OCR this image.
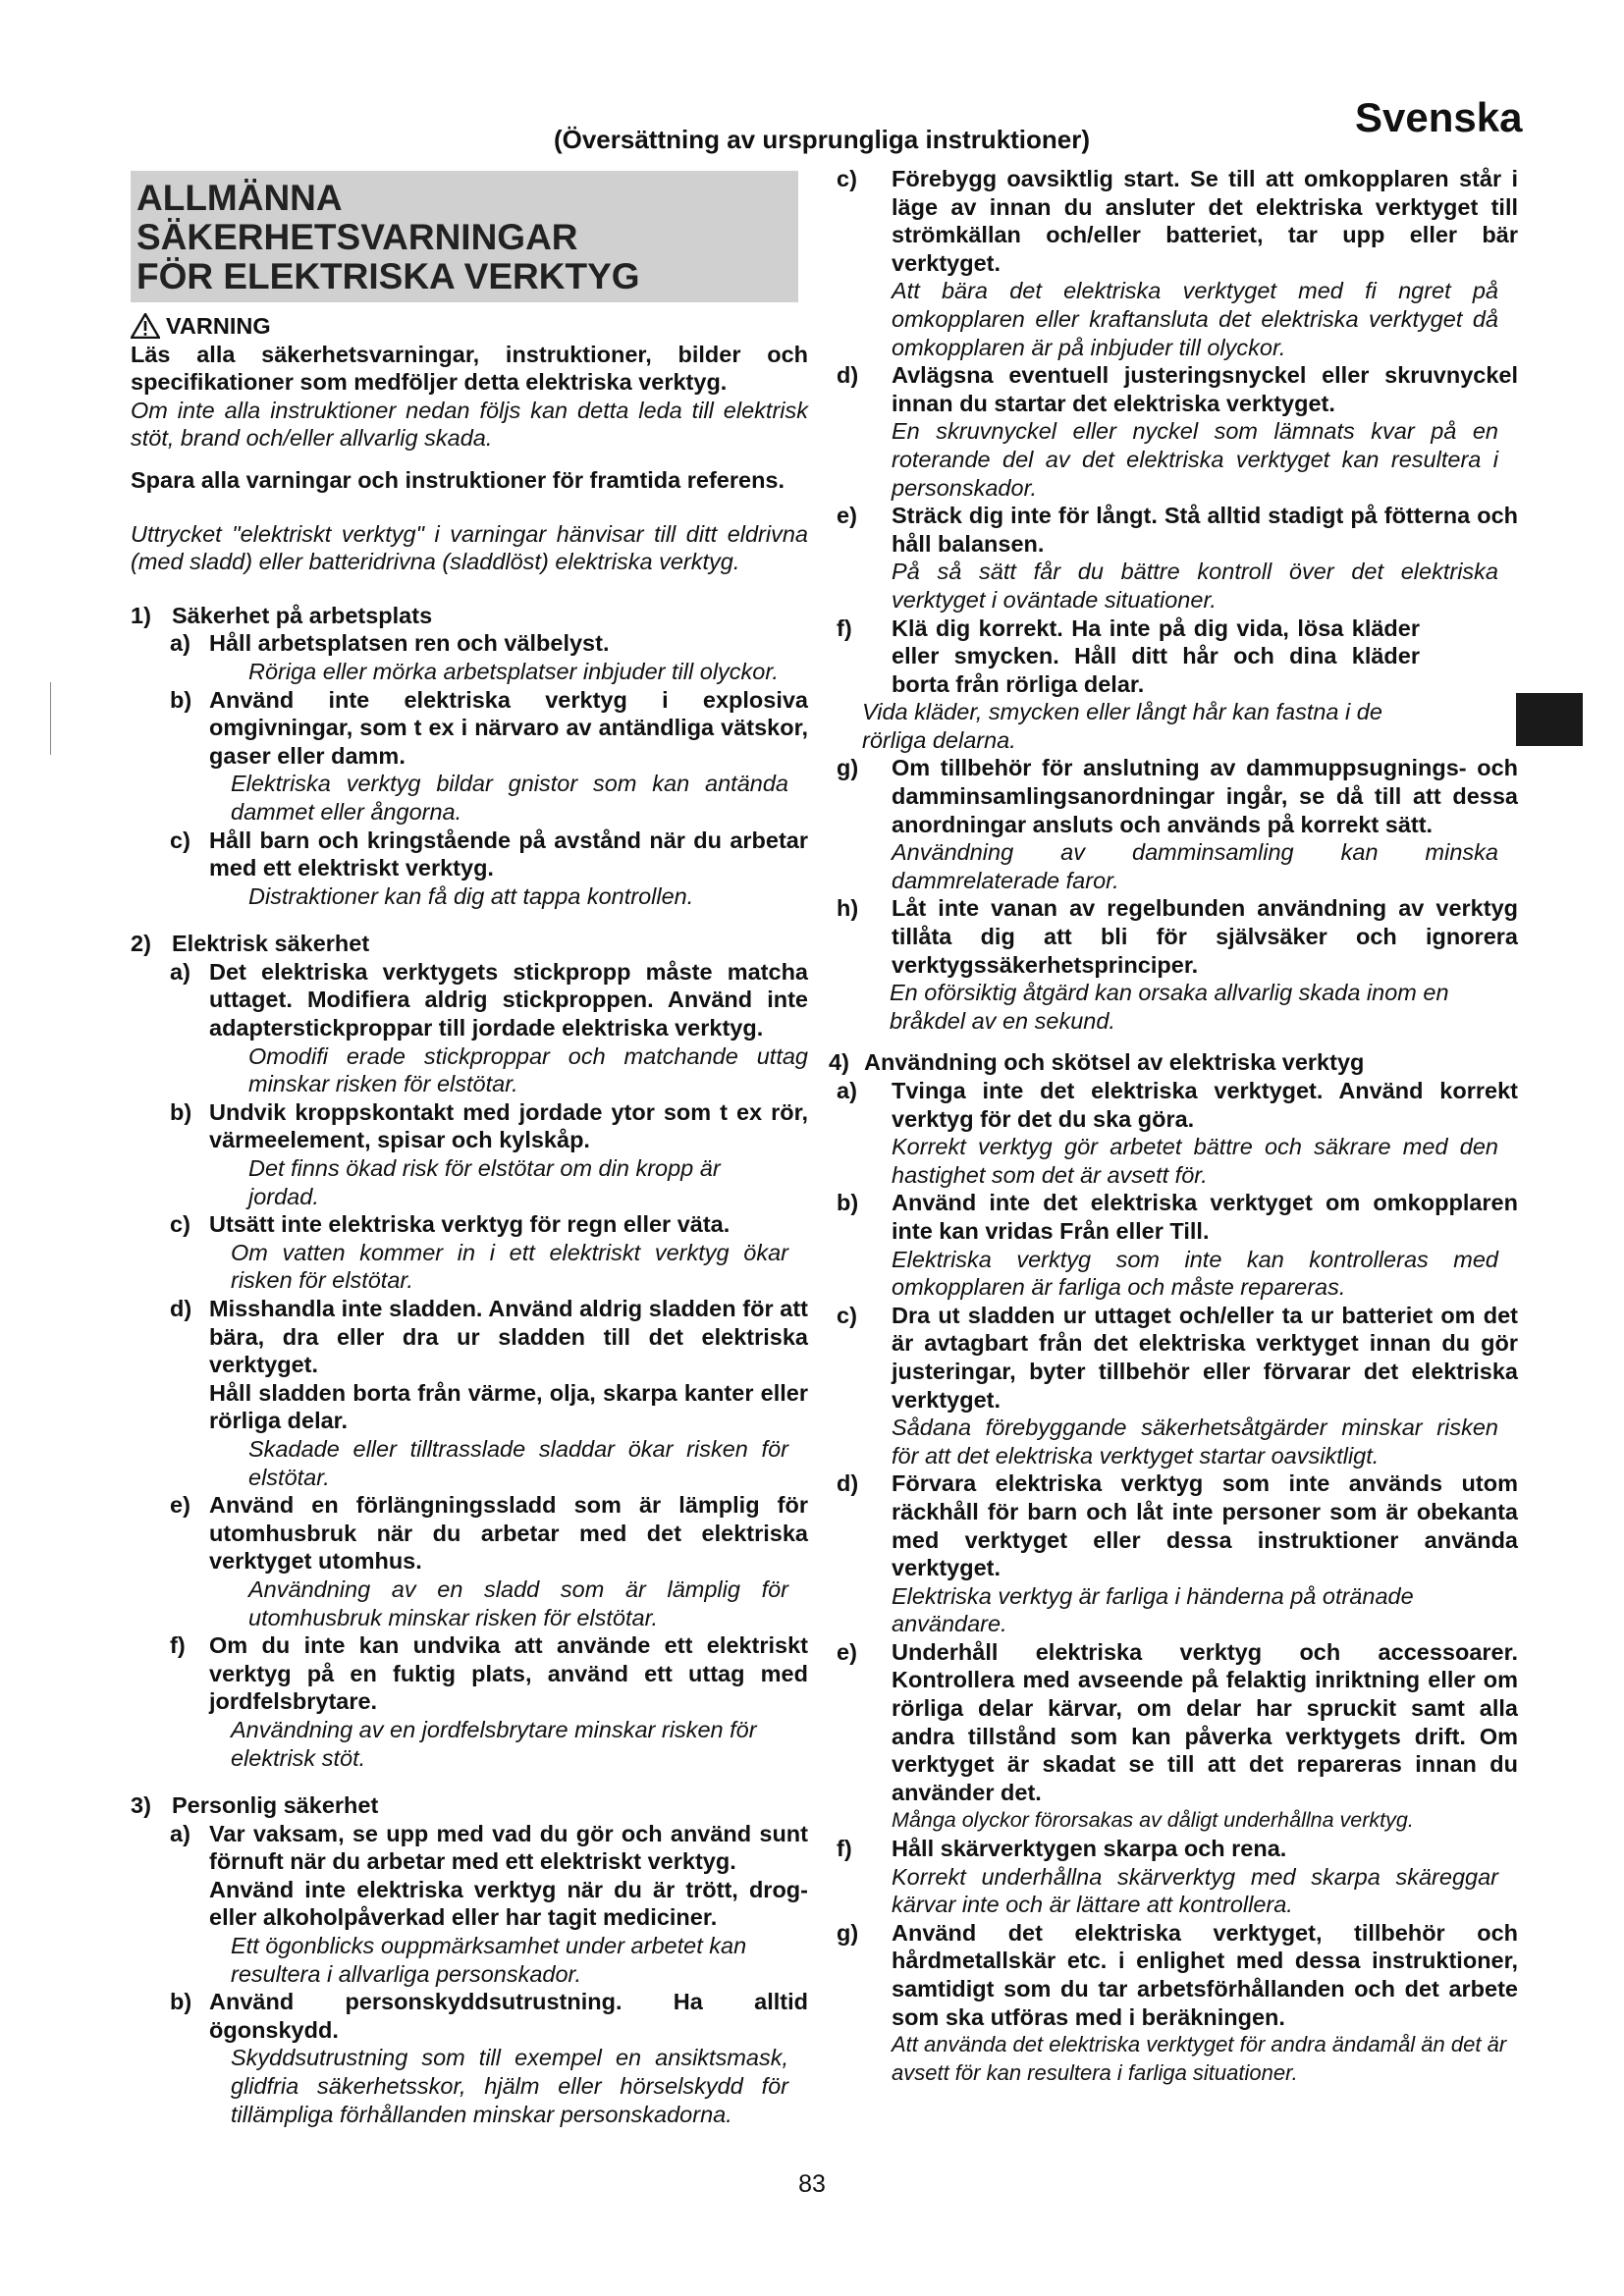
Svenska
(Översättning av ursprungliga instruktioner)
ALLMÄNNA SÄKERHETSVARNINGAR
FÖR ELEKTRISKA VERKTYG
VARNING

Läs alla säkerhetsvarningar, instruktioner, bilder och specifikationer som medföljer detta elektriska verktyg.

Om inte alla instruktioner nedan följs kan detta leda till elektrisk stöt, brand och/eller allvarlig skada.

Spara alla varningar och instruktioner för framtida referens.

Uttrycket "elektriskt verktyg" i varningar hänvisar till ditt eldrivna (med sladd) eller batteridrivna (sladdlöst) elektriska verktyg.

1) Säkerhet på arbetsplats
a) Håll arbetsplatsen ren och välbelyst.

Röriga eller mörka arbetsplatser inbjuder till olyckor.

b) Använd inte elektriska verktyg i explosiva omgivningar, som t ex i närvaro av antändliga vätskor, gaser eller damm.

Elektriska verktyg bildar gnistor som kan antända dammet eller ångorna.

c) Håll barn och kringstående på avstånd när du arbetar med ett elektriskt verktyg.

Distraktioner kan få dig att tappa kontrollen.

2) Elektrisk säkerhet
a) Det elektriska verktygets stickpropp måste matcha uttaget. Modifiera aldrig stickproppen. Använd inte adapterstickproppar till jordade elektriska verktyg.

Omodifi erade stickproppar och matchande uttag minskar risken för elstötar.

b) Undvik kroppskontakt med jordade ytor som t ex rör, värmeelement, spisar och kylskåp.

Det finns ökad risk för elstötar om din kropp är jordad.

c) Utsätt inte elektriska verktyg för regn eller väta.

Om vatten kommer in i ett elektriskt verktyg ökar risken för elstötar.

d) Misshandla inte sladden. Använd aldrig sladden för att bära, dra eller dra ur sladden till det elektriska verktyget.

Håll sladden borta från värme, olja, skarpa kanter eller rörliga delar.

Skadade eller tilltrasslade sladdar ökar risken för elstötar.

e) Använd en förlängningssladd som är lämplig för utomhusbruk när du arbetar med det elektriska verktyget utomhus.

Användning av en sladd som är lämplig för utomhusbruk minskar risken för elstötar.

f)	Om du inte kan undvika att använde ett elektriskt verktyg på en fuktig plats, använd ett uttag med jordfelsbrytare.

Användning av en jordfelsbrytare minskar risken för elektrisk stöt.

3) Personlig säkerhet
a) Var vaksam, se upp med vad du gör och använd sunt förnuft när du arbetar med ett elektriskt verktyg.

Använd inte elektriska verktyg när du är trött, drog- eller alkoholpåverkad eller har tagit mediciner.

Ett ögonblicks ouppmärksamhet under arbetet kan resultera i allvarliga personskador.

b) Använd personskyddsutrustning. Ha alltid ögonskydd.

Skyddsutrustning som till exempel en ansiktsmask, glidfria säkerhetsskor, hjälm eller hörselskydd för tillämpliga förhållanden minskar personskadorna.

c)	Förebygg oavsiktlig start. Se till att omkopplaren står i läge av innan du ansluter det elektriska verktyget till strömkällan och/eller batteriet, tar upp eller bär verktyget.

Att bära det elektriska verktyget med fi ngret på omkopplaren eller kraftansluta det elektriska verktyget då omkopplaren är på inbjuder till olyckor.

d)	Avlägsna eventuell justeringsnyckel eller skruvnyckel innan du startar det elektriska verktyget.

En skruvnyckel eller nyckel som lämnats kvar på en roterande del av det elektriska verktyget kan resultera i personskador.

e)	Sträck dig inte för långt. Stå alltid stadigt på fötterna och håll balansen.

På så sätt får du bättre kontroll över det elektriska verktyget i oväntade situationer.

f)	Klä dig korrekt. Ha inte på dig vida, lösa kläder eller smycken. Håll ditt hår och dina kläder borta från rörliga delar.

Vida kläder, smycken eller långt hår kan fastna i de rörliga delarna.

g)	Om tillbehör för anslutning av dammuppsugnings- och damminsamlingsanordningar ingår, se då till att dessa anordningar ansluts och används på korrekt sätt.

Användning av damminsamling kan minska dammrelaterade faror.

h)	Låt inte vanan av regelbunden användning av verktyg tillåta dig att bli för självsäker och ignorera verktygssäkerhetsprinciper.

En oförsiktig åtgärd kan orsaka allvarlig skada inom en bråkdel av en sekund.

4) Användning och skötsel av elektriska verktyg
a)	Tvinga inte det elektriska verktyget. Använd korrekt verktyg för det du ska göra.

Korrekt verktyg gör arbetet bättre och säkrare med den hastighet som det är avsett för.

b)	Använd inte det elektriska verktyget om omkopplaren inte kan vridas Från eller Till.

Elektriska verktyg som inte kan kontrolleras med omkopplaren är farliga och måste repareras.

c)	Dra ut sladden ur uttaget och/eller ta ur batteriet om det är avtagbart från det elektriska verktyget innan du gör justeringar, byter tillbehör eller förvarar det elektriska verktyget.

Sådana förebyggande säkerhetsåtgärder minskar risken för att det elektriska verktyget startar oavsiktligt.

d)	Förvara elektriska verktyg som inte används utom räckhåll för barn och låt inte personer som är obekanta med verktyget eller dessa instruktioner använda verktyget.

Elektriska verktyg är farliga i händerna på otränade användare.

e)	Underhåll elektriska verktyg och accessoarer. Kontrollera med avseende på felaktig inriktning eller om rörliga delar kärvar, om delar har spruckit samt alla andra tillstånd som kan påverka verktygets drift. Om verktyget är skadat se till att det repareras innan du använder det.

Många olyckor förorsakas av dåligt underhållna verktyg.

f)	Håll skärverktygen skarpa och rena.

Korrekt underhållna skärverktyg med skarpa skäreggar kärvar inte och är lättare att kontrollera.

g)	Använd det elektriska verktyget, tillbehör och hårdmetallskär etc. i enlighet med dessa instruktioner, samtidigt som du tar arbetsförhållanden och det arbete som ska utföras med i beräkningen.

Att använda det elektriska verktyget för andra ändamål än det är avsett för kan resultera i farliga situationer.

83
